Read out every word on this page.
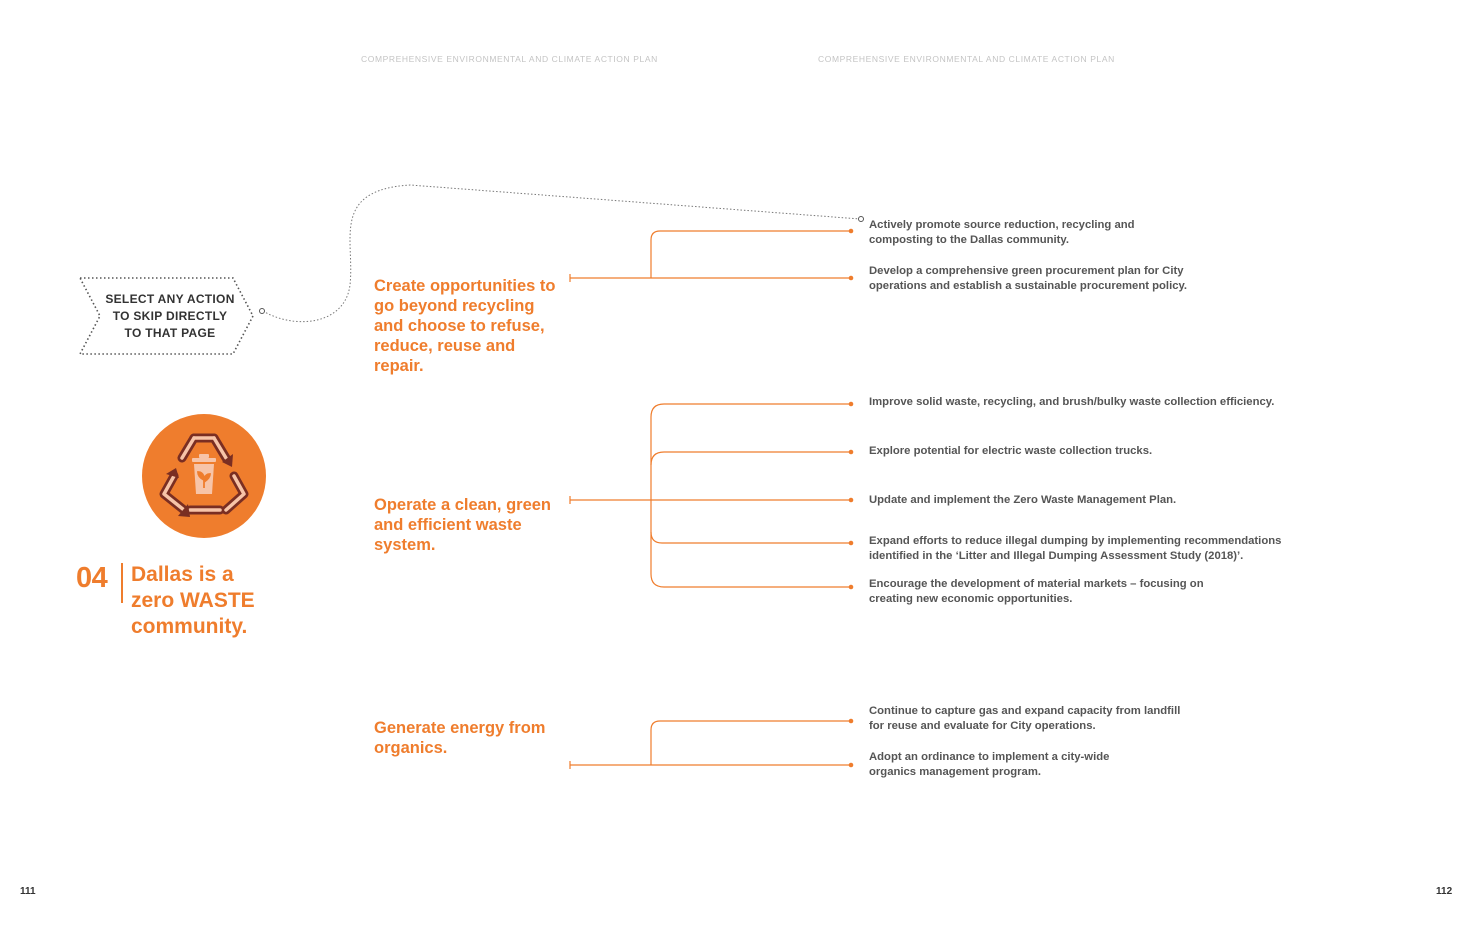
COMPREHENSIVE ENVIRONMENTAL AND CLIMATE ACTION PLAN	COMPREHENSIVE ENVIRONMENTAL AND CLIMATE ACTION PLAN
SELECT ANY ACTION
TO SKIP DIRECTLY
TO THAT PAGE
04 Dallas is a
zero WASTE
community.
Create opportunities to go beyond recycling and choose to refuse, reduce, reuse and repair.
Operate a clean, green and efficient waste system.
Generate energy from organics.
Actively promote source reduction, recycling and composting to the Dallas community.
Develop a comprehensive green procurement plan for City operations and establish a sustainable procurement policy.
Improve solid waste, recycling, and brush/bulky waste collection efficiency.
Explore potential for electric waste collection trucks.
Update and implement the Zero Waste Management Plan.
Expand efforts to reduce illegal dumping by implementing recommendations identified in the ‘Litter and Illegal Dumping Assessment Study (2018)’.
Encourage the development of material markets – focusing on creating new economic opportunities.
Continue to capture gas and expand capacity from landfill for reuse and evaluate for City operations.
Adopt an ordinance to implement a city-wide organics management program.
111	112
